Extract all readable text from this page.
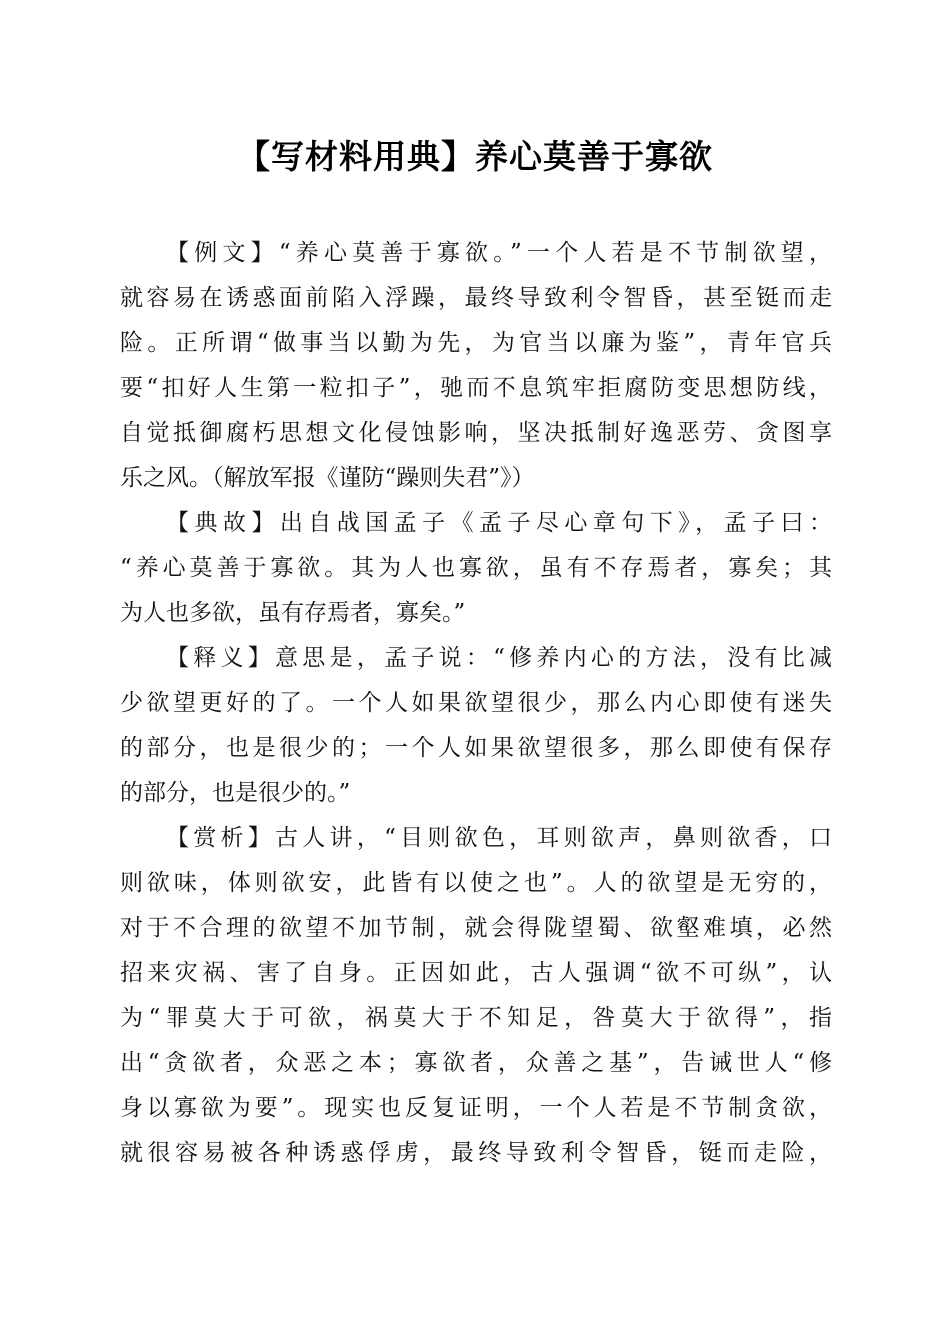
【写材料用典】养心莫善于寡欲
【例文】“养心莫善于寡欲。”一个人若是不节制欲望，
就容易在诱惑面前陷入浮躁，最终导致利令智昏，甚至铤而走
险。正所谓“做事当以勤为先，为官当以廉为鉴”，青年官兵
要“扣好人生第一粒扣子”，驰而不息筑牢拒腐防变思想防线，
自觉抵御腐朽思想文化侵蚀影响，坚决抵制好逸恶劳、贪图享
乐之风。（解放军报《谨防“躁则失君”》）
【典故】出自战国孟子《孟子尽心章句下》，孟子曰：
“养心莫善于寡欲。其为人也寡欲，虽有不存焉者，寡矣；其
为人也多欲，虽有存焉者，寡矣。”
【释义】意思是，孟子说：“修养内心的方法，没有比减
少欲望更好的了。一个人如果欲望很少，那么内心即使有迷失
的部分，也是很少的；一个人如果欲望很多，那么即使有保存
的部分，也是很少的。”
【赏析】古人讲，“目则欲色，耳则欲声，鼻则欲香，口
则欲味，体则欲安，此皆有以使之也”。人的欲望是无穷的，
对于不合理的欲望不加节制，就会得陇望蜀、欲壑难填，必然
招来灾祸、害了自身。正因如此，古人强调“欲不可纵”，认
为“罪莫大于可欲，祸莫大于不知足，咎莫大于欲得”，指
出“贪欲者，众恶之本；寡欲者，众善之基”，告诫世人“修
身以寡欲为要”。现实也反复证明，一个人若是不节制贪欲，
就很容易被各种诱惑俘虏，最终导致利令智昏，铤而走险，
